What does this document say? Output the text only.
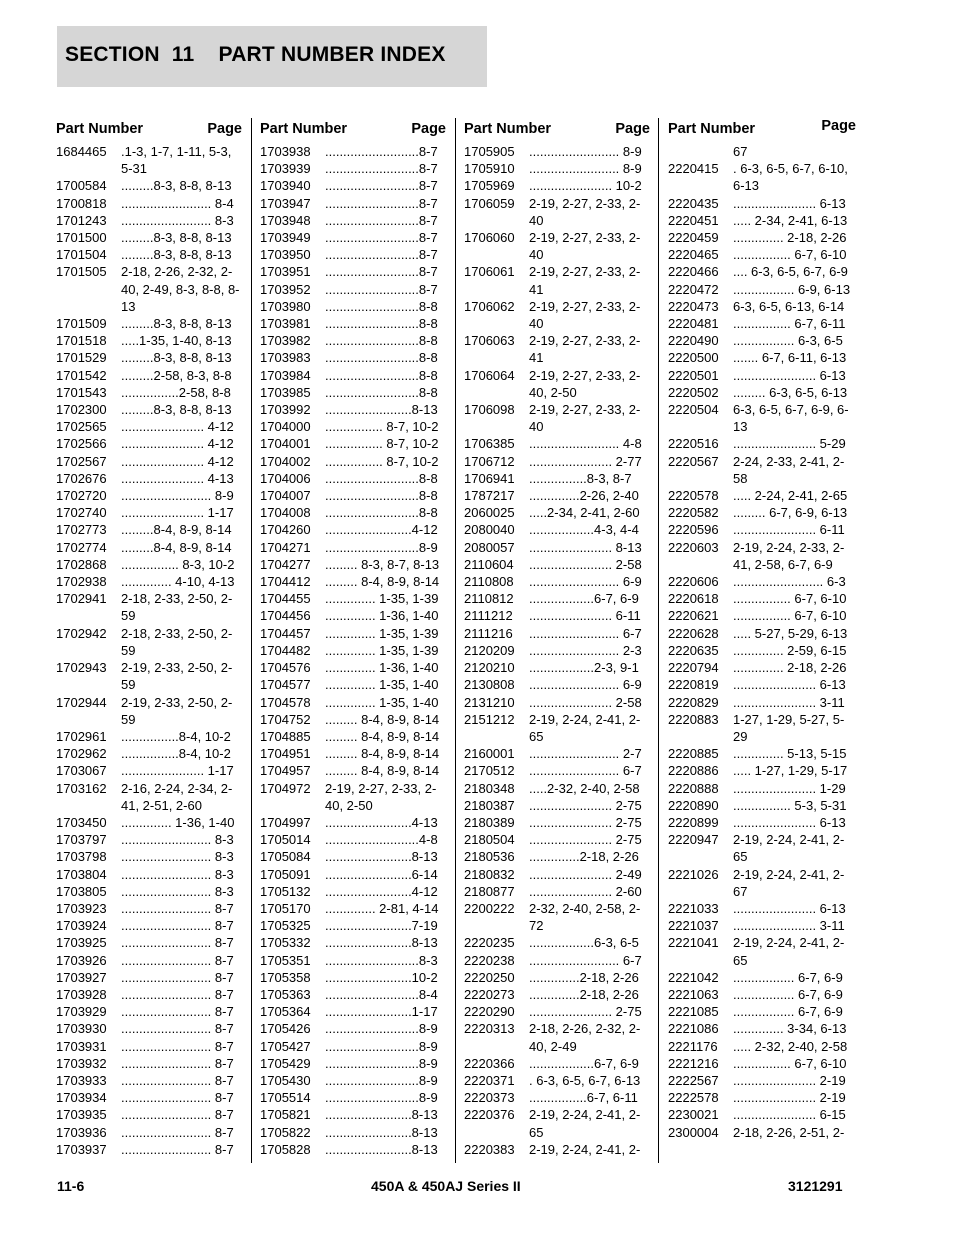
SECTION  11    PART NUMBER INDEX
Part Number	Page
1684465	.1-3, 1-7, 1-11, 5-3, 5-31
1700584	.........8-3, 8-8, 8-13
1700818	......................... 8-4
1701243	......................... 8-3
1701500	.........8-3, 8-8, 8-13
1701504	.........8-3, 8-8, 8-13
1701505	2-18, 2-26, 2-32, 2-40, 2-49, 8-3, 8-8, 8-13
1701509	.........8-3, 8-8, 8-13
1701518	.....1-35, 1-40, 8-13
1701529	.........8-3, 8-8, 8-13
1701542	.........2-58, 8-3, 8-8
1701543	................2-58, 8-8
1702300	.........8-3, 8-8, 8-13
1702565	....................... 4-12
1702566	....................... 4-12
1702567	....................... 4-12
1702676	....................... 4-13
1702720	......................... 8-9
1702740	....................... 1-17
1702773	.........8-4, 8-9, 8-14
1702774	.........8-4, 8-9, 8-14
1702868	................ 8-3, 10-2
1702938	.............. 4-10, 4-13
1702941	2-18, 2-33, 2-50, 2-59
1702942	2-18, 2-33, 2-50, 2-59
1702943	2-19, 2-33, 2-50, 2-59
1702944	2-19, 2-33, 2-50, 2-59
1702961	................8-4, 10-2
1702962	................8-4, 10-2
1703067	....................... 1-17
1703162	2-16, 2-24, 2-34, 2-41, 2-51, 2-60
1703450	.............. 1-36, 1-40
1703797	......................... 8-3
1703798	......................... 8-3
1703804	......................... 8-3
1703805	......................... 8-3
1703923	......................... 8-7
1703924	......................... 8-7
1703925	......................... 8-7
1703926	......................... 8-7
1703927	......................... 8-7
1703928	......................... 8-7
1703929	......................... 8-7
1703930	......................... 8-7
1703931	......................... 8-7
1703932	......................... 8-7
1703933	......................... 8-7
1703934	......................... 8-7
1703935	......................... 8-7
1703936	......................... 8-7
1703937	......................... 8-7
Part Number	Page
1703938	..........................8-7
1703939	..........................8-7
1703940	..........................8-7
1703947	..........................8-7
1703948	..........................8-7
1703949	..........................8-7
1703950	..........................8-7
1703951	..........................8-7
1703952	..........................8-7
1703980	..........................8-8
1703981	..........................8-8
1703982	..........................8-8
1703983	..........................8-8
1703984	..........................8-8
1703985	..........................8-8
1703992	........................8-13
1704000	................ 8-7, 10-2
1704001	................ 8-7, 10-2
1704002	................ 8-7, 10-2
1704006	..........................8-8
1704007	..........................8-8
1704008	..........................8-8
1704260	........................4-12
1704271	..........................8-9
1704277	......... 8-3, 8-7, 8-13
1704412	......... 8-4, 8-9, 8-14
1704455	.............. 1-35, 1-39
1704456	.............. 1-36, 1-40
1704457	.............. 1-35, 1-39
1704482	.............. 1-35, 1-39
1704576	.............. 1-36, 1-40
1704577	.............. 1-35, 1-40
1704578	.............. 1-35, 1-40
1704752	......... 8-4, 8-9, 8-14
1704885	......... 8-4, 8-9, 8-14
1704951	......... 8-4, 8-9, 8-14
1704957	......... 8-4, 8-9, 8-14
1704972	2-19, 2-27, 2-33, 2-40, 2-50
1704997	........................4-13
1705014	..........................4-8
1705084	........................8-13
1705091	........................6-14
1705132	........................4-12
1705170	.............. 2-81, 4-14
1705325	........................7-19
1705332	........................8-13
1705351	..........................8-3
1705358	........................10-2
1705363	..........................8-4
1705364	........................1-17
1705426	..........................8-9
1705427	..........................8-9
1705429	..........................8-9
1705430	..........................8-9
1705514	..........................8-9
1705821	........................8-13
1705822	........................8-13
1705828	........................8-13
Part Number	Page
1705905	......................... 8-9
1705910	......................... 8-9
1705969	....................... 10-2
1706059	2-19, 2-27, 2-33, 2-40
1706060	2-19, 2-27, 2-33, 2-40
1706061	2-19, 2-27, 2-33, 2-41
1706062	2-19, 2-27, 2-33, 2-40
1706063	2-19, 2-27, 2-33, 2-41
1706064	2-19, 2-27, 2-33, 2-40, 2-50
1706098	2-19, 2-27, 2-33, 2-40
1706385	......................... 4-8
1706712	....................... 2-77
1706941	................8-3, 8-7
1787217	..............2-26, 2-40
2060025	.....2-34, 2-41, 2-60
2080040	..................4-3, 4-4
2080057	....................... 8-13
2110604	....................... 2-58
2110808	......................... 6-9
2110812	..................6-7, 6-9
2111212	....................... 6-11
2111216	......................... 6-7
2120209	......................... 2-3
2120210	..................2-3, 9-1
2130808	......................... 6-9
2131210	....................... 2-58
2151212	2-19, 2-24, 2-41, 2-65
2160001	......................... 2-7
2170512	......................... 6-7
2180348	.....2-32, 2-40, 2-58
2180387	....................... 2-75
2180389	....................... 2-75
2180504	....................... 2-75
2180536	..............2-18, 2-26
2180832	....................... 2-49
2180877	....................... 2-60
2200222	2-32, 2-40, 2-58, 2-72
2220235	..................6-3, 6-5
2220238	......................... 6-7
2220250	..............2-18, 2-26
2220273	..............2-18, 2-26
2220290	....................... 2-75
2220313	2-18, 2-26, 2-32, 2-40, 2-49
2220366	..................6-7, 6-9
2220371	. 6-3, 6-5, 6-7, 6-13
2220373	................6-7, 6-11
2220376	2-19, 2-24, 2-41, 2-65
2220383	2-19, 2-24, 2-41, 2-
Part Number	Page
67
2220415	. 6-3, 6-5, 6-7, 6-10, 6-13
2220435	....................... 6-13
2220451	..... 2-34, 2-41, 6-13
2220459	.............. 2-18, 2-26
2220465	................ 6-7, 6-10
2220466	.... 6-3, 6-5, 6-7, 6-9
2220472	................. 6-9, 6-13
2220473	6-3, 6-5, 6-13, 6-14
2220481	................ 6-7, 6-11
2220490	................. 6-3, 6-5
2220500	....... 6-7, 6-11, 6-13
2220501	....................... 6-13
2220502	......... 6-3, 6-5, 6-13
2220504	6-3, 6-5, 6-7, 6-9, 6-13
2220516	....................... 5-29
2220567	2-24, 2-33, 2-41, 2-58
2220578	..... 2-24, 2-41, 2-65
2220582	......... 6-7, 6-9, 6-13
2220596	....................... 6-11
2220603	2-19, 2-24, 2-33, 2-41, 2-58, 6-7, 6-9
2220606	......................... 6-3
2220618	................ 6-7, 6-10
2220621	................ 6-7, 6-10
2220628	..... 5-27, 5-29, 6-13
2220635	.............. 2-59, 6-15
2220794	.............. 2-18, 2-26
2220819	....................... 6-13
2220829	....................... 3-11
2220883	1-27, 1-29, 5-27, 5-29
2220885	.............. 5-13, 5-15
2220886	..... 1-27, 1-29, 5-17
2220888	....................... 1-29
2220890	................ 5-3, 5-31
2220899	....................... 6-13
2220947	2-19, 2-24, 2-41, 2-65
2221026	2-19, 2-24, 2-41, 2-67
2221033	....................... 6-13
2221037	....................... 3-11
2221041	2-19, 2-24, 2-41, 2-65
2221042	................. 6-7, 6-9
2221063	................. 6-7, 6-9
2221085	................. 6-7, 6-9
2221086	.............. 3-34, 6-13
2221176	..... 2-32, 2-40, 2-58
2221216	................ 6-7, 6-10
2222567	....................... 2-19
2222578	....................... 2-19
2230021	....................... 6-15
2300004	2-18, 2-26, 2-51, 2-
11-6	450A & 450AJ Series II	3121291
